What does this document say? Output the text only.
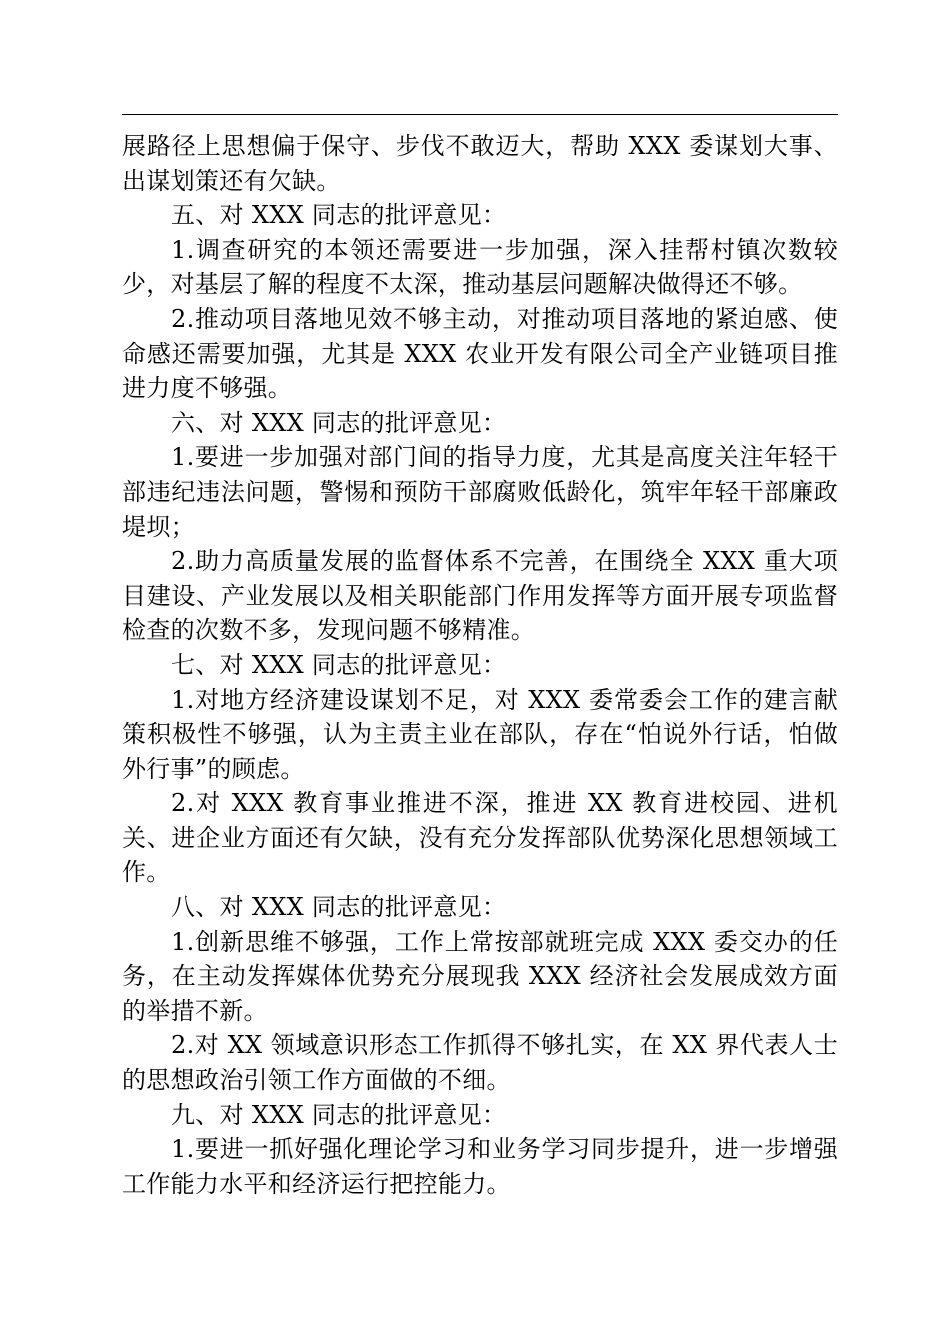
展路径上思想偏于保守、步伐不敢迈大，帮助 XXX 委谋划大事、出谋划策还有欠缺。

五、对 XXX 同志的批评意见：

1.调查研究的本领还需要进一步加强，深入挂帮村镇次数较少，对基层了解的程度不太深，推动基层问题解决做得还不够。

2.推动项目落地见效不够主动，对推动项目落地的紧迫感、使命感还需要加强，尤其是 XXX 农业开发有限公司全产业链项目推进力度不够强。

六、对 XXX 同志的批评意见：

1.要进一步加强对部门间的指导力度，尤其是高度关注年轻干部违纪违法问题，警惕和预防干部腐败低龄化，筑牢年轻干部廉政堤坝；

2.助力高质量发展的监督体系不完善，在围绕全 XXX 重大项目建设、产业发展以及相关职能部门作用发挥等方面开展专项监督检查的次数不多，发现问题不够精准。

七、对 XXX 同志的批评意见：

1.对地方经济建设谋划不足，对 XXX 委常委会工作的建言献策积极性不够强，认为主责主业在部队，存在“怕说外行话，怕做外行事”的顾虑。

2.对 XXX 教育事业推进不深，推进 XX 教育进校园、进机关、进企业方面还有欠缺，没有充分发挥部队优势深化思想领域工作。

八、对 XXX 同志的批评意见：

1.创新思维不够强，工作上常按部就班完成 XXX 委交办的任务，在主动发挥媒体优势充分展现我 XXX 经济社会发展成效方面的举措不新。

2.对 XX 领域意识形态工作抓得不够扎实，在 XX 界代表人士的思想政治引领工作方面做的不细。

九、对 XXX 同志的批评意见：

1.要进一抓好强化理论学习和业务学习同步提升，进一步增强工作能力水平和经济运行把控能力。
